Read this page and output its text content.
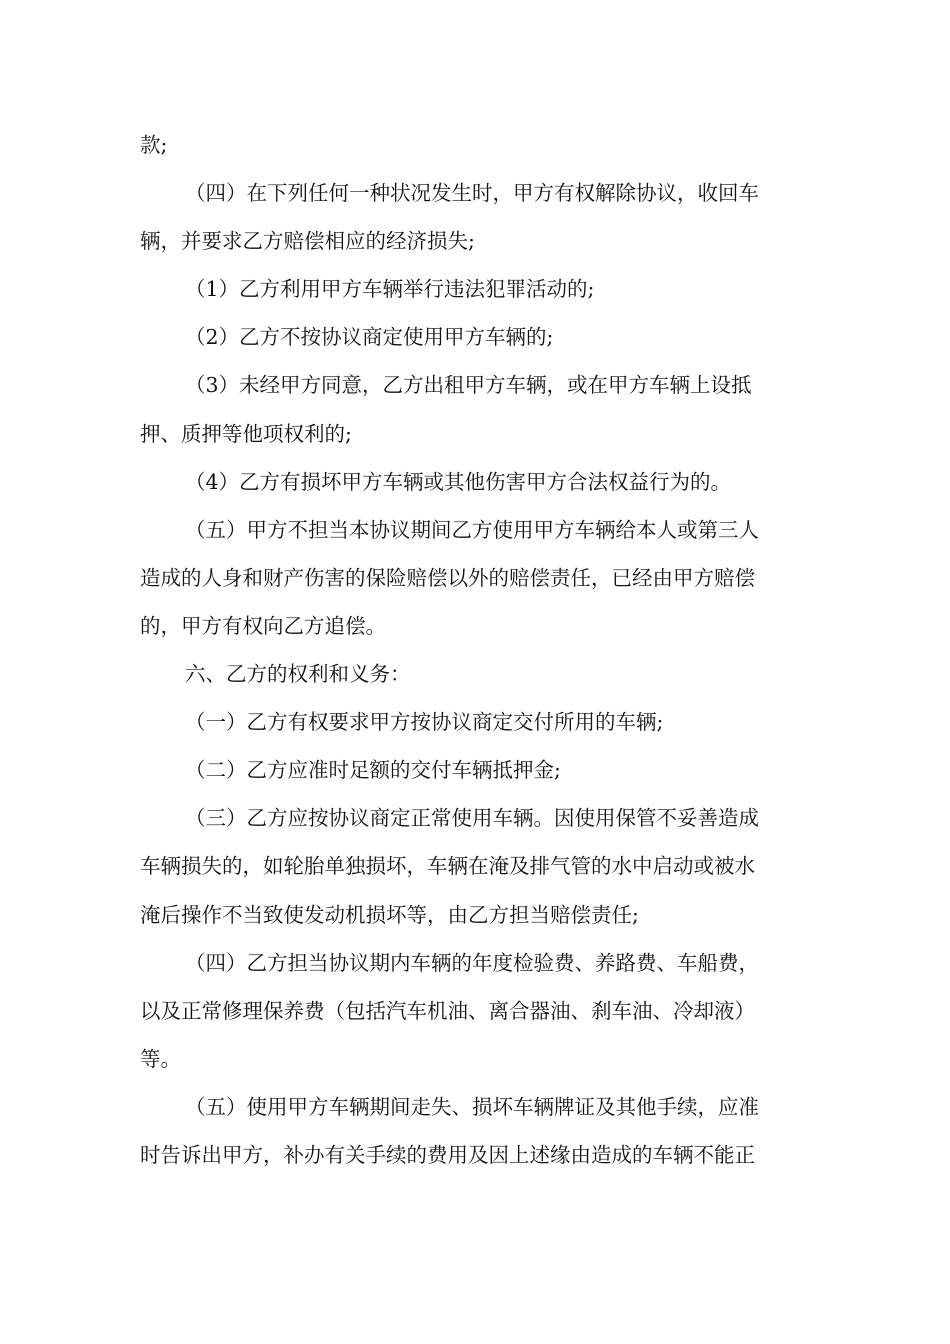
款;
（四）在下列任何一种状况发生时，甲方有权解除协议，收回车
辆，并要求乙方赔偿相应的经济损失;
（1）乙方利用甲方车辆举行违法犯罪活动的;
（2）乙方不按协议商定使用甲方车辆的;
（3）未经甲方同意，乙方出租甲方车辆，或在甲方车辆上设抵
押、质押等他项权利的;
（4）乙方有损坏甲方车辆或其他伤害甲方合法权益行为的。
（五）甲方不担当本协议期间乙方使用甲方车辆给本人或第三人
造成的人身和财产伤害的保险赔偿以外的赔偿责任，已经由甲方赔偿
的，甲方有权向乙方追偿。
六、乙方的权利和义务：
（一）乙方有权要求甲方按协议商定交付所用的车辆;
（二）乙方应准时足额的交付车辆抵押金;
（三）乙方应按协议商定正常使用车辆。因使用保管不妥善造成
车辆损失的，如轮胎单独损坏，车辆在淹及排气管的水中启动或被水
淹后操作不当致使发动机损坏等，由乙方担当赔偿责任;
（四）乙方担当协议期内车辆的年度检验费、养路费、车船费，
以及正常修理保养费（包括汽车机油、离合器油、刹车油、冷却液）
等。
（五）使用甲方车辆期间走失、损坏车辆牌证及其他手续，应准
时告诉出甲方，补办有关手续的费用及因上述缘由造成的车辆不能正
